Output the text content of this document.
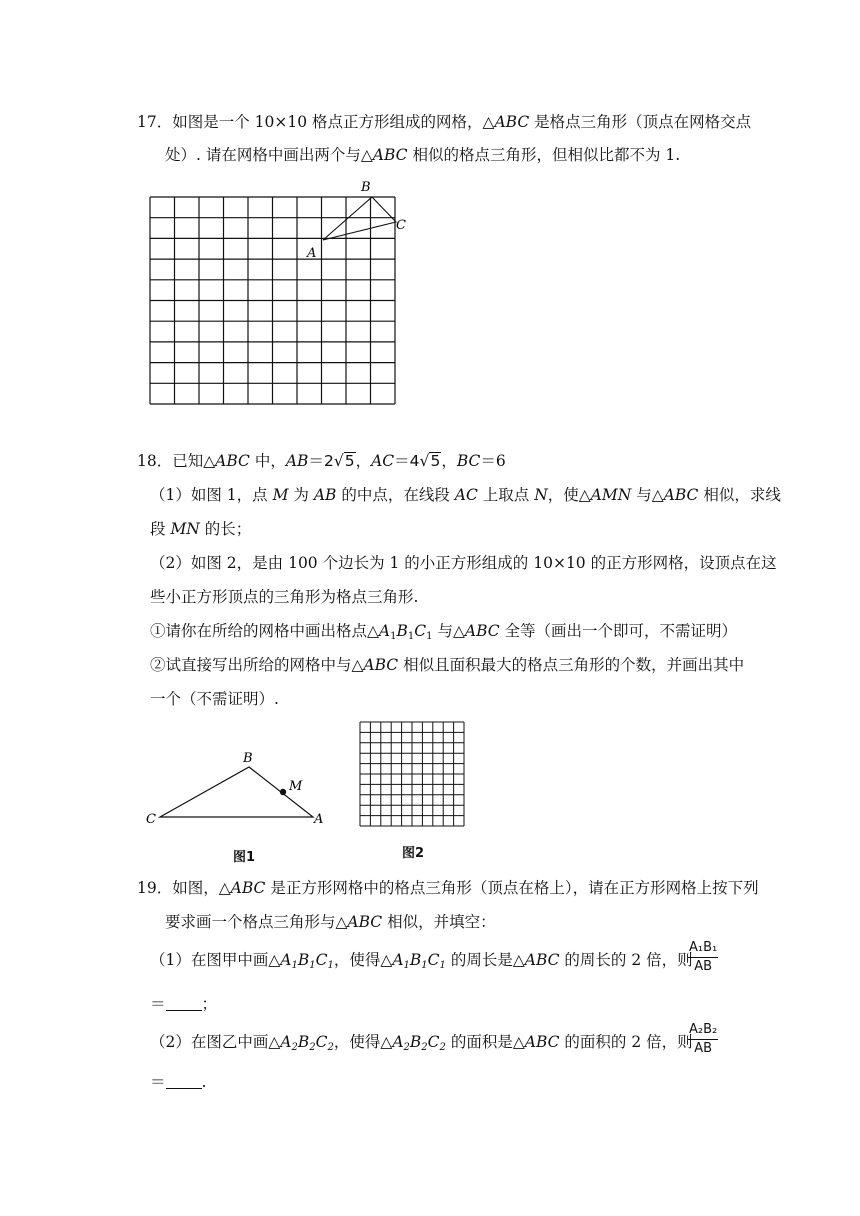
17．如图是一个 10×10 格点正方形组成的网格，△ABC 是格点三角形（顶点在网格交点
处）. 请在网格中画出两个与△ABC 相似的格点三角形，但相似比都不为 1.
B
C
A
18．已知△ABC 中，AB＝2√5，AC＝4√5，BC＝6
（1）如图 1，点 M 为 AB 的中点，在线段 AC 上取点 N，使△AMN 与△ABC 相似，求线
段 MN 的长；
（2）如图 2，是由 100 个边长为 1 的小正方形组成的 10×10 的正方形网格，设顶点在这
些小正方形顶点的三角形为格点三角形.
①请你在所给的网格中画出格点$\triangle A_1B_1C_1$ 与△ABC 全等（画出一个即可，不需证明）
②试直接写出所给的网格中与△ABC 相似且面积最大的格点三角形的个数，并画出其中
一个（不需证明）.
B
M
C	A
图1	图2
19．如图，△ABC 是正方形网格中的格点三角形（顶点在格上），请在正方形网格上按下列
要求画一个格点三角形与△ABC 相似，并填空：
（1）在图甲中画$\triangle A_1B_1C_1$，使得$\triangle A_1B_1C_1$ 的周长是△ABC 的周长的 2 倍，则
$\frac{\text{A₁B₁}}{AB}$
＝ ；
（2）在图乙中画$\triangle A_2B_2C_2$，使得$\triangle A_2B_2C_2$ 的面积是△ABC 的面积的 2 倍，则
$\frac{\text{A₂B₂}}{AB}$
＝ .
